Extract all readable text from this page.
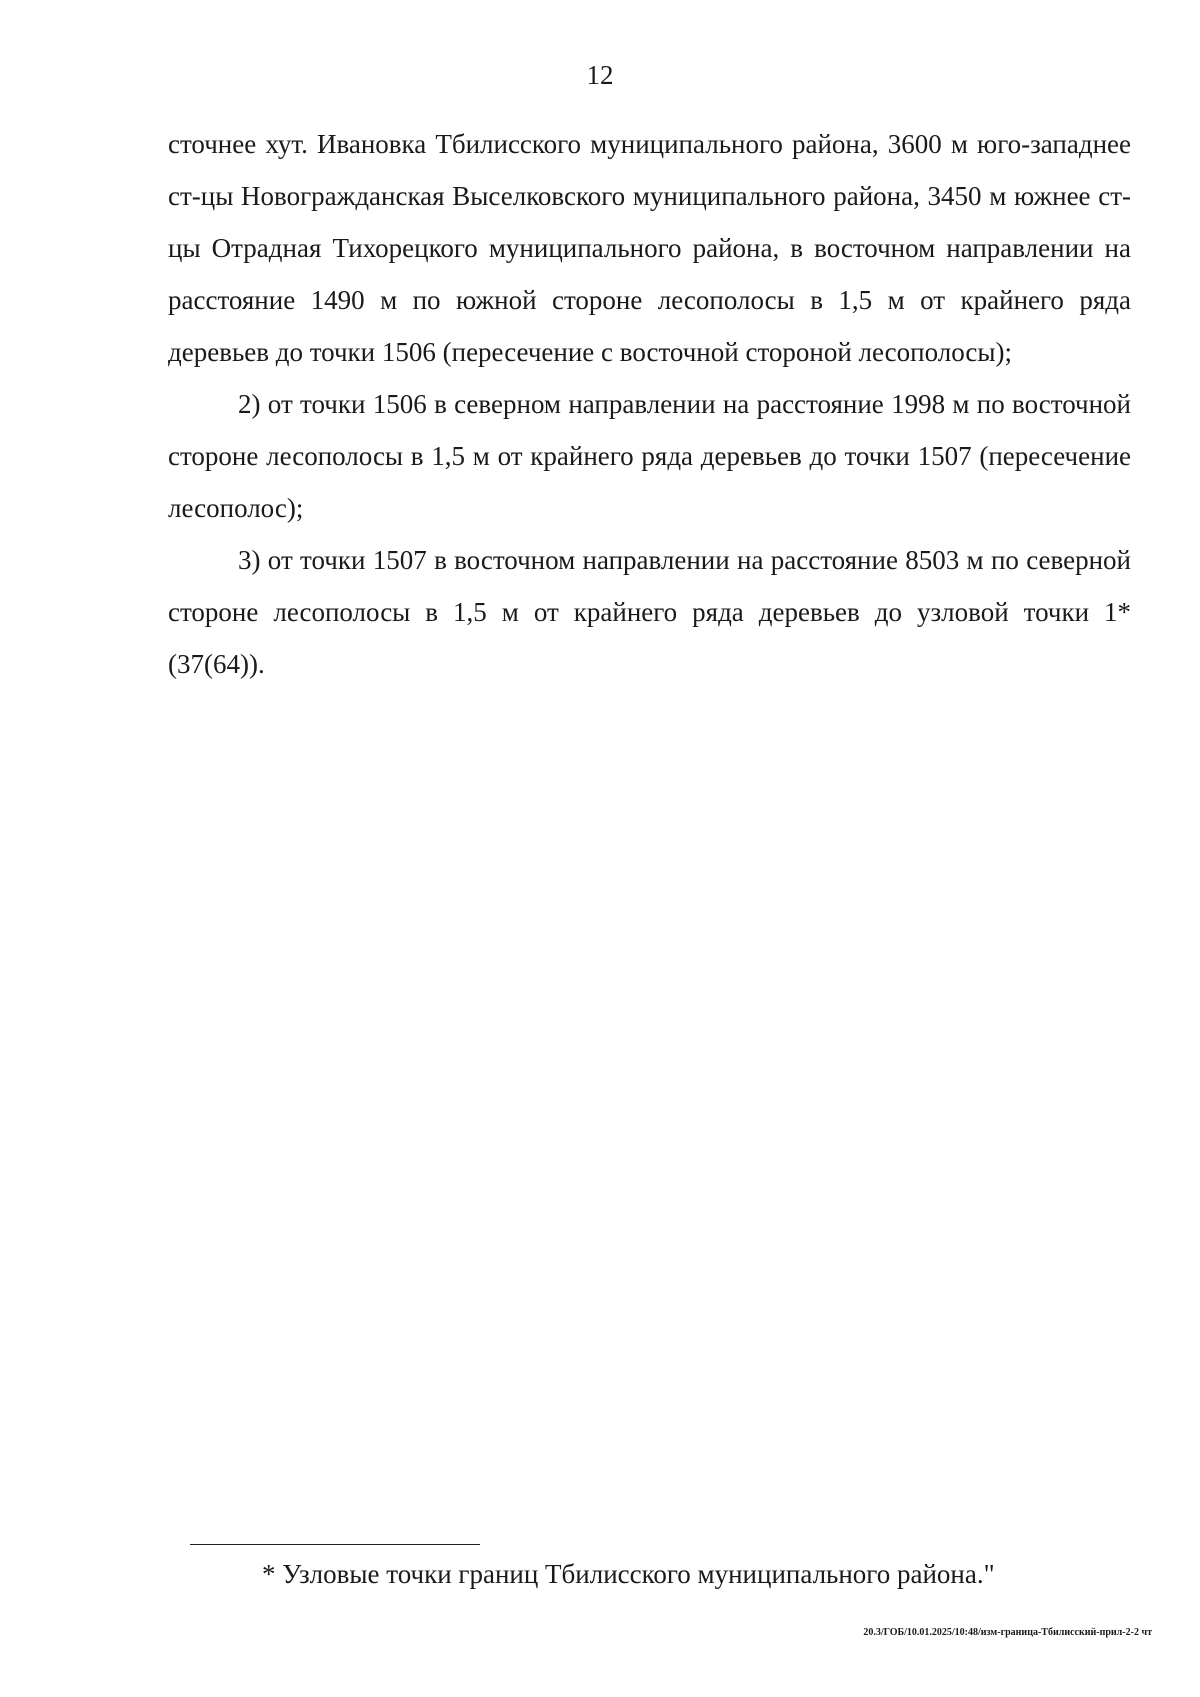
12

сточнее хут. Ивановка Тбилисского муниципального района, 3600 м юго-западнее ст-цы Новогражданская Выселковского муниципального района, 3450 м южнее ст-цы Отрадная Тихорецкого муниципального района, в восточном направлении на расстояние 1490 м по южной стороне лесополосы в 1,5 м от крайнего ряда деревьев до точки 1506 (пересечение с восточной стороной лесополосы);

2) от точки 1506 в северном направлении на расстояние 1998 м по восточной стороне лесополосы в 1,5 м от крайнего ряда деревьев до точки 1507 (пересечение лесополос);

3) от точки 1507 в восточном направлении на расстояние 8503 м по северной стороне лесополосы в 1,5 м от крайнего ряда деревьев до узловой точки 1* (37(64)).

* Узловые точки границ Тбилисского муниципального района."
20.3/ГОБ/10.01.2025/10:48/изм-граница-Тбилисский-прил-2-2 чт
